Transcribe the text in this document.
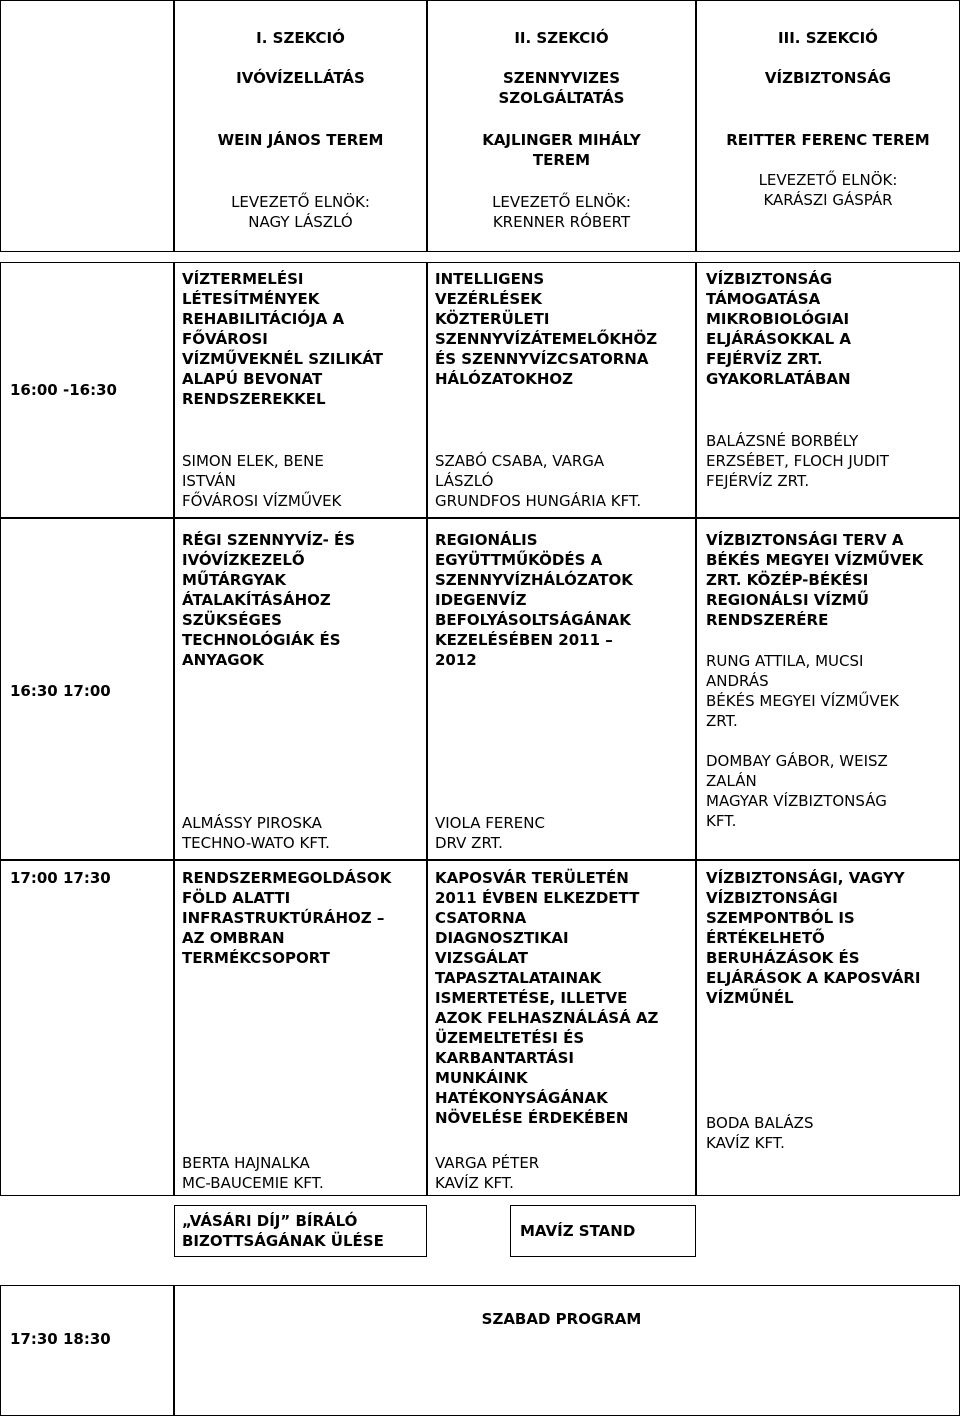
I. SZEKCIÓ
IVÓVÍZELLÁTÁS
WEIN JÁNOS TEREM
LEVEZETŐ ELNÖK:
NAGY LÁSZLÓ
II. SZEKCIÓ
SZENNYVIZES
SZOLGÁLTATÁS
KAJLINGER MIHÁLY
TEREM
LEVEZETŐ ELNÖK:
KRENNER RÓBERT
III. SZEKCIÓ
VÍZBIZTONSÁG
REITTER FERENC TEREM
LEVEZETŐ ELNÖK:
KARÁSZI GÁSPÁR
16:00 -16:30
VÍZTERMELÉSI
LÉTESÍTMÉNYEK
REHABILITÁCIÓJA A
FŐVÁROSI
VÍZMŰVEKNÉL SZILIKÁT
ALAPÚ BEVONAT
RENDSZEREKKEL
SIMON ELEK, BENE
ISTVÁN
FŐVÁROSI VÍZMŰVEK
INTELLIGENS
VEZÉRLÉSEK
KÖZTERÜLETI
SZENNYVÍZÁTEMELŐKHÖZ
ÉS SZENNYVÍZCSATORNA
HÁLÓZATOKHOZ
SZABÓ CSABA, VARGA
LÁSZLÓ
GRUNDFOS HUNGÁRIA KFT.
VÍZBIZTONSÁG
TÁMOGATÁSA
MIKROBIOLÓGIAI
ELJÁRÁSOKKAL A
FEJÉRVÍZ ZRT.
GYAKORLATÁBAN
BALÁZSNÉ BORBÉLY
ERZSÉBET, FLOCH JUDIT
FEJÉRVÍZ ZRT.
16:30 17:00
RÉGI SZENNYVÍZ- ÉS
IVÓVÍZKEZELŐ
MŰTÁRGYAK
ÁTALAKÍTÁSÁHOZ
SZÜKSÉGES
TECHNOLÓGIÁK ÉS
ANYAGOK
ALMÁSSY PIROSKA
TECHNO-WATO KFT.
REGIONÁLIS
EGYÜTTMŰKÖDÉS A
SZENNYVÍZHÁLÓZATOK
IDEGENVÍZ
BEFOLYÁSOLTSÁGÁNAK
KEZELÉSÉBEN 2011 –
2012
VIOLA FERENC
DRV ZRT.
VÍZBIZTONSÁGI TERV A
BÉKÉS MEGYEI VÍZMŰVEK
ZRT. KÖZÉP-BÉKÉSI
REGIONÁLSI VÍZMŰ
RENDSZERÉRE
RUNG ATTILA, MUCSI
ANDRÁS
BÉKÉS MEGYEI VÍZMŰVEK
ZRT.
DOMBAY GÁBOR, WEISZ
ZALÁN
MAGYAR VÍZBIZTONSÁG
KFT.
17:00 17:30	RENDSZERMEGOLDÁSOK
FÖLD ALATTI
INFRASTRUKTÚRÁHOZ –
AZ OMBRAN
TERMÉKCSOPORT
BERTA HAJNALKA
MC-BAUCEMIE KFT.
KAPOSVÁR TERÜLETÉN
2011 ÉVBEN ELKEZDETT
CSATORNA
DIAGNOSZTIKAI
VIZSGÁLAT
TAPASZTALATAINAK
ISMERTETÉSE, ILLETVE
AZOK FELHASZNÁLÁSÁ AZ
ÜZEMELTETÉSI ÉS
KARBANTARTÁSI
MUNKÁINK
HATÉKONYSÁGÁNAK
NÖVELÉSE ÉRDEKÉBEN
VARGA PÉTER
KAVÍZ KFT.
VÍZBIZTONSÁGI, VAGYY
VÍZBIZTONSÁGI
SZEMPONTBÓL IS
ÉRTÉKELHETŐ
BERUHÁZÁSOK ÉS
ELJÁRÁSOK A KAPOSVÁRI
VÍZMŰNÉL
BODA BALÁZS
KAVÍZ KFT.
„VÁSÁRI DÍJ” BÍRÁLÓ
BIZOTTSÁGÁNAK ÜLÉSE
MAVÍZ STAND
17:30 18:30
SZABAD PROGRAM
